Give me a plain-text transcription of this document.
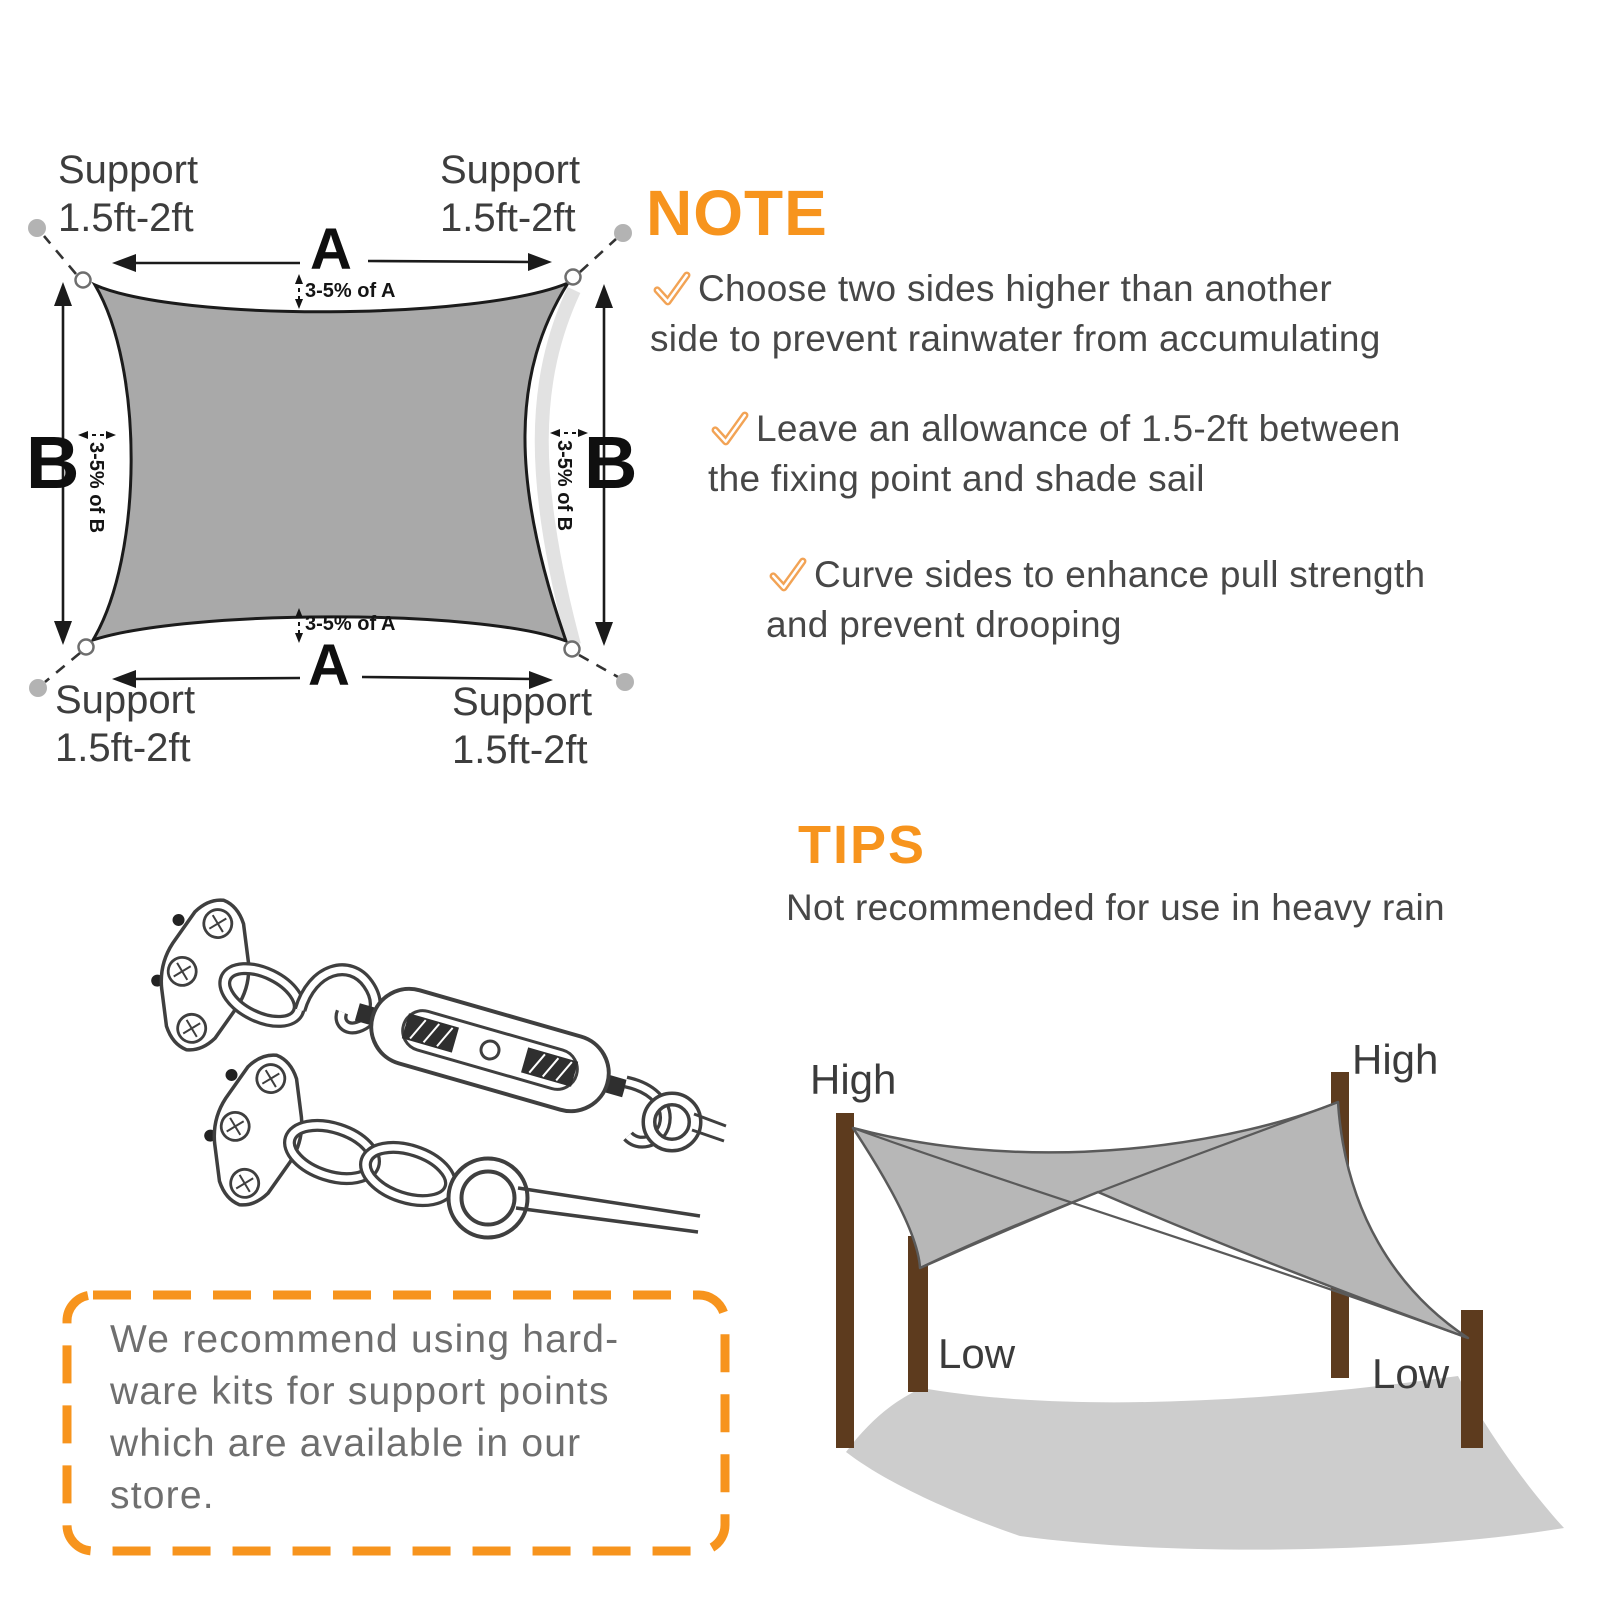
Support
1.5ft-2ft
Support
1.5ft-2ft
Support
1.5ft-2ft
Support
1.5ft-2ft
A
A
B	B
3-5% of A
3-5% of A
3-5% of B	3-5% of B
NOTE
Choose two sides higher than another
side to prevent rainwater from accumulating
Leave an allowance of 1.5-2ft between
the fixing point and shade sail
Curve sides to enhance pull strength
and prevent drooping
TIPS
Not recommended for use in heavy rain
High	High
Low	Low
We recommend using hard-
ware kits for support points
which are available in our
store.
